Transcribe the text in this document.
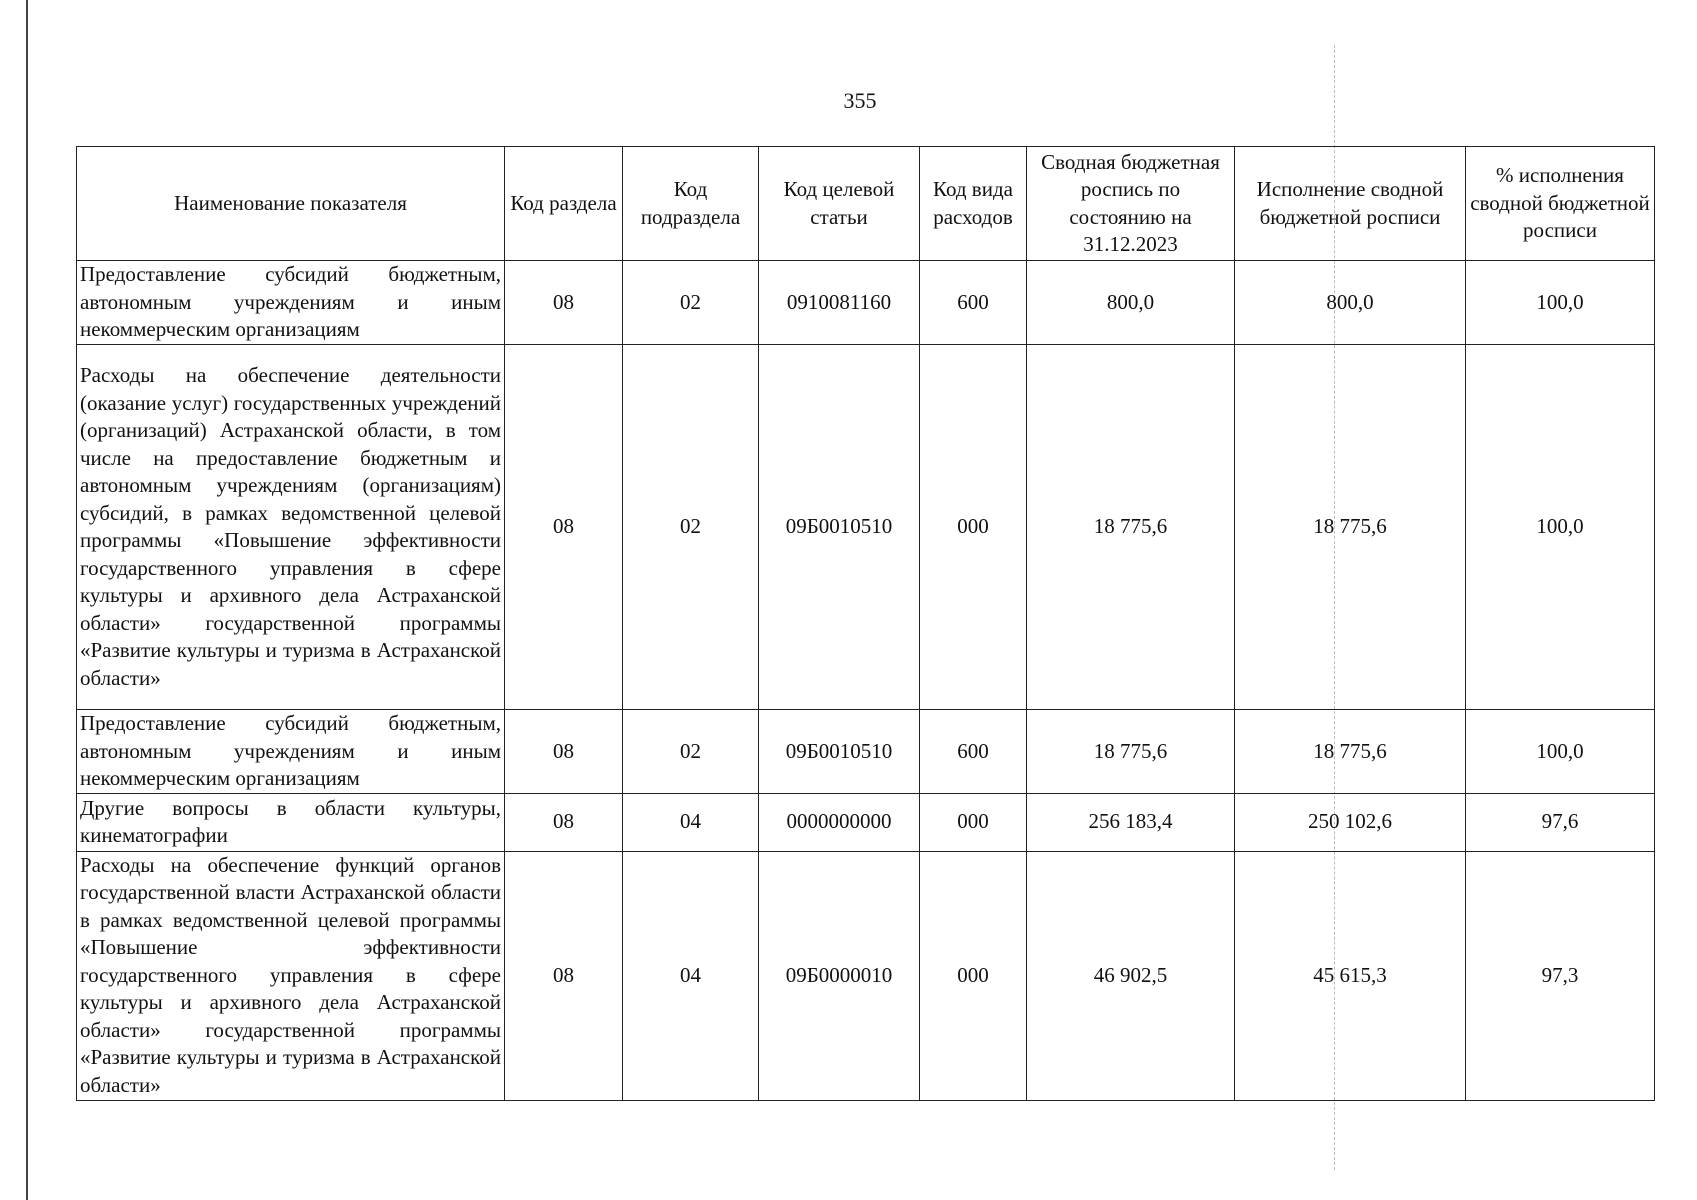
355
Наименование показателя	Код раздела	Код подраздела	Код целевой статьи	Код вида расходов	Сводная бюджетная роспись по состоянию на 31.12.2023	Исполнение сводной бюджетной росписи	% исполнения сводной бюджетной росписи
Предоставление субсидий бюджетным, автономным учреждениям и иным некоммерческим организациям	08	02	0910081160	600	800,0	800,0	100,0
Расходы на обеспечение деятельности (оказание услуг) государственных учреждений (организаций) Астраханской области, в том числе на предоставление бюджетным и автономным учреждениям (организациям) субсидий, в рамках ведомственной целевой программы «Повышение эффективности государственного управления в сфере культуры и архивного дела Астраханской области» государственной программы «Развитие культуры и туризма в Астраханской области»	08	02	09Б0010510	000	18 775,6	18 775,6	100,0
Предоставление субсидий бюджетным, автономным учреждениям и иным некоммерческим организациям	08	02	09Б0010510	600	18 775,6	18 775,6	100,0
Другие вопросы в области культуры, кинематографии	08	04	0000000000	000	256 183,4	250 102,6	97,6
Расходы на обеспечение функций органов государственной власти Астраханской области в рамках ведомственной целевой программы «Повышение эффективности государственного управления в сфере культуры и архивного дела Астраханской области» государственной программы «Развитие культуры и туризма в Астраханской области»	08	04	09Б0000010	000	46 902,5	45 615,3	97,3
